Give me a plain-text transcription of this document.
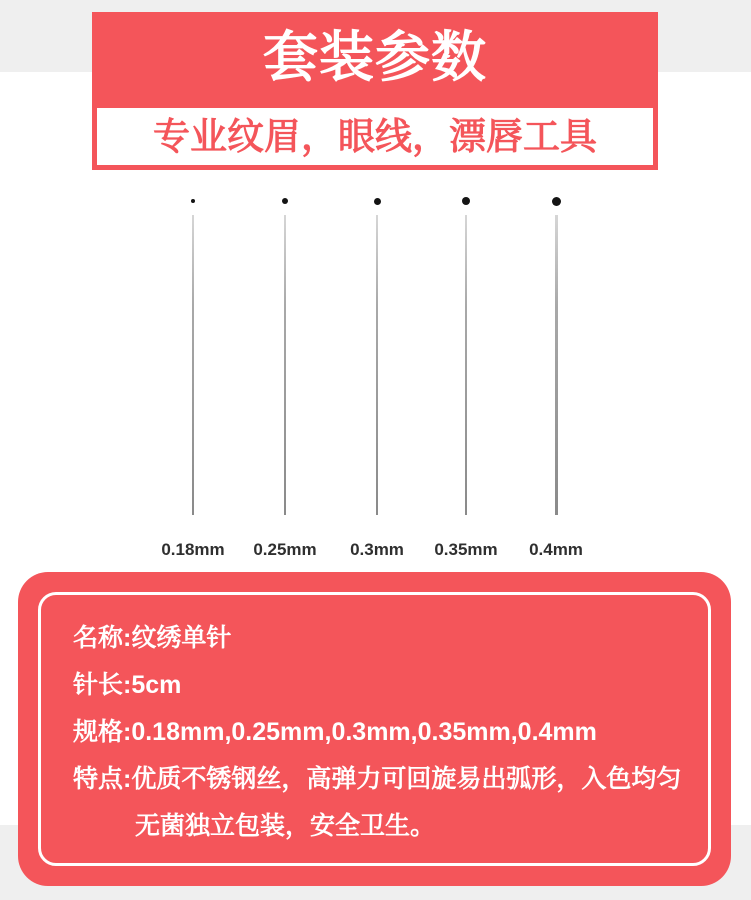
套装参数
专业纹眉，眼线，漂唇工具
0.18mm 0.25mm 0.3mm 0.35mm 0.4mm

名称:纹绣单针

针长:5cm

规格:0.18mm,0.25mm,0.3mm,0.35mm,0.4mm

特点:优质不锈钢丝，高弹力可回旋易出弧形，入色均匀

无菌独立包装，安全卫生。
